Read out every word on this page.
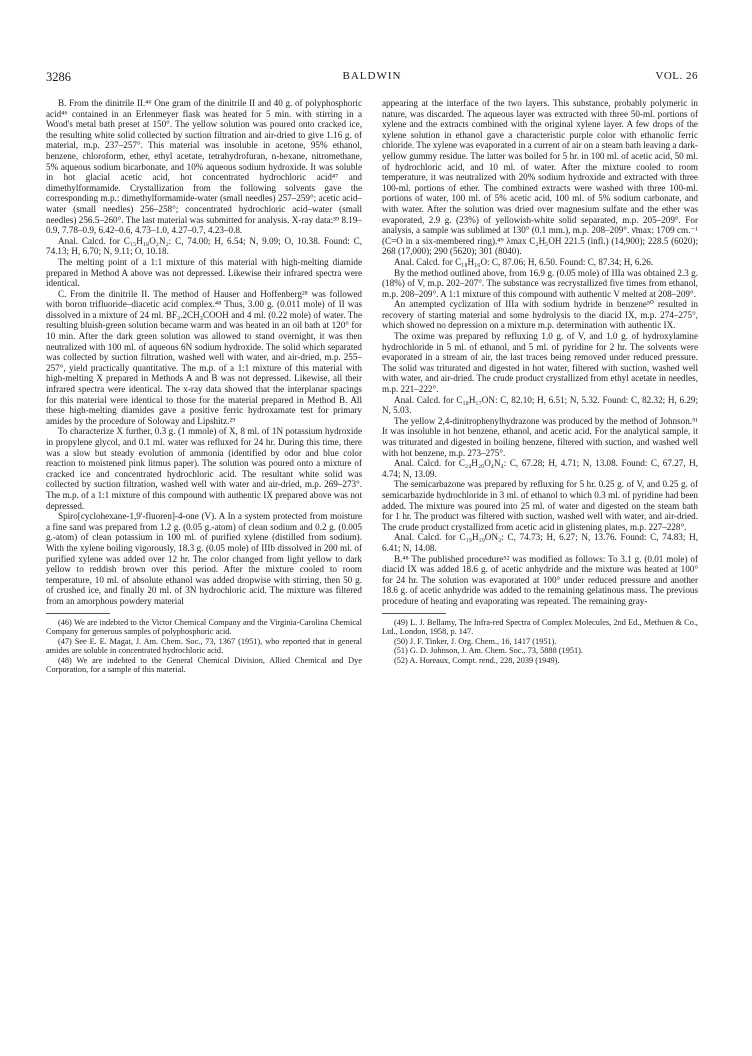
3286	BALDWIN	VOL. 26

B. From the dinitrile II.⁴⁶ One gram of the dinitrile II and 40 g. of polyphosphoric acid⁴⁶ contained in an Erlenmeyer flask was heated for 5 min. with stirring in a Wood's metal bath preset at 150°. The yellow solution was poured onto cracked ice, the resulting white solid collected by suction filtration and air-dried to give 1.16 g. of material, m.p. 237–257°. This material was insoluble in acetone, 95% ethanol, benzene, chloroform, ether, ethyl acetate, tetrahydrofuran, n-hexane, nitromethane, 5% aqueous sodium bicarbonate, and 10% aqueous sodium hydroxide. It was soluble in hot glacial acetic acid, hot concentrated hydrochloric acid⁴⁷ and dimethylformamide. Crystallization from the following solvents gave the corresponding m.p.: dimethylformamide-water (small needles) 257–259°; acetic acid–water (small needles) 256–258°; concentrated hydrochloric acid–water (small needles) 256.5–260°. The last material was submitted for analysis. X-ray data:³⁹ 8.19–0.9, 7.78–0.9, 6.42–0.6, 4.73–1.0, 4.27–0.7, 4.23–0.8.

Anal. Calcd. for C₁₅H₁₈O₂N₂: C, 74.00; H, 6.54; N, 9.09; O, 10.38. Found: C, 74.13; H, 6.70; N, 9.11; O, 10.18.

The melting point of a 1:1 mixture of this material with high-melting diamide prepared in Method A above was not depressed. Likewise their infrared spectra were identical.

C. From the dinitrile II. The method of Hauser and Hoffenberg²⁸ was followed with boron trifluoride–diacetic acid complex.⁴⁸ Thus, 3.00 g. (0.011 mole) of II was dissolved in a mixture of 24 ml. BF₃.2CH₃COOH and 4 ml. (0.22 mole) of water. The resulting bluish-green solution became warm and was heated in an oil bath at 120° for 10 min. After the dark green solution was allowed to stand overnight, it was then neutralized with 100 ml. of aqueous 6N sodium hydroxide. The solid which separated was collected by suction filtration, washed well with water, and air-dried, m.p. 255–257°, yield practically quantitative. The m.p. of a 1:1 mixture of this material with high-melting X prepared in Methods A and B was not depressed. Likewise, all their infrared spectra were identical. The x-ray data showed that the interplanar spacings for this material were identical to those for the material prepared in Method B. All these high-melting diamides gave a positive ferric hydroxamate test for primary amides by the procedure of Soloway and Lipshitz.²⁹

To characterize X further, 0.3 g. (1 mmole) of X, 8 ml. of 1N potassium hydroxide in propylene glycol, and 0.1 ml. water was refluxed for 24 hr. During this time, there was a slow but steady evolution of ammonia (identified by odor and blue color reaction to moistened pink litmus paper). The solution was poured onto a mixture of cracked ice and concentrated hydrochloric acid. The resultant white solid was collected by suction filtration, washed well with water and air-dried, m.p. 269–273°. The m.p. of a 1:1 mixture of this compound with authentic IX prepared above was not depressed.

Spiro[cyclohexane-1,9'-fluoren]-4-one (V). A In a system protected from moisture a fine sand was prepared from 1.2 g. (0.05 g.-atom) of clean sodium and 0.2 g. (0.005 g.-atom) of clean potassium in 100 ml. of purified xylene (distilled from sodium). With the xylene boiling vigorously, 18.3 g. (0.05 mole) of IIIb dissolved in 200 ml. of purified xylene was added over 12 hr. The color changed from light yellow to dark yellow to reddish brown over this period. After the mixture cooled to room temperature, 10 ml. of absolute ethanol was added dropwise with stirring, then 50 g. of crushed ice, and finally 20 ml. of 3N hydrochloric acid. The mixture was filtered from an amorphous powdery material

(46) We are indebted to the Victor Chemical Company and the Virginia-Carolina Chemical Company for generous samples of polyphosphoric acid.

(47) See E. E. Magat, J. Am. Chem. Soc., 73, 1367 (1951), who reported that in general amides are soluble in concentrated hydrochloric acid.

(48) We are indebted to the General Chemical Division, Allied Chemical and Dye Corporation, for a sample of this material.

appearing at the interface of the two layers. This substance, probably polymeric in nature, was discarded. The aqueous layer was extracted with three 50-ml. portions of xylene and the extracts combined with the original xylene layer. A few drops of the xylene solution in ethanol gave a characteristic purple color with ethanolic ferric chloride. The xylene was evaporated in a current of air on a steam bath leaving a dark-yellow gummy residue. The latter was boiled for 5 hr. in 100 ml. of acetic acid, 50 ml. of hydrochloric acid, and 10 ml. of water. After the mixture cooled to room temperature, it was neutralized with 20% sodium hydroxide and extracted with three 100-ml. portions of ether. The combined extracts were washed with three 100-ml. portions of water, 100 ml. of 5% acetic acid, 100 ml. of 5% sodium carbonate, and with water. After the solution was dried over magnesium sulfate and the ether was evaporated, 2.9 g. (23%) of yellowish-white solid separated, m.p. 205–209°. For analysis, a sample was sublimed at 130° (0.1 mm.), m.p. 208–209°. ν̄max: 1709 cm.⁻¹ (C=O in a six-membered ring).⁴⁹ λmax C₂H₅OH 221.5 (infl.) (14,900); 228.5 (6020); 268 (17,000); 290 (5620); 301 (8040).

Anal. Calcd. for C₁₈H₁₆O: C, 87.06; H, 6.50. Found: C, 87.34; H, 6.26.

By the method outlined above, from 16.9 g. (0.05 mole) of IIIa was obtained 2.3 g. (18%) of V, m.p. 202–207°. The substance was recrystallized five times from ethanol, m.p. 208–209°. A 1:1 mixture of this compound with authentic V melted at 208–209°.

An attempted cyclization of IIIa with sodium hydride in benzene⁵⁰ resulted in recovery of starting material and some hydrolysis to the diacid IX, m.p. 274–275°, which showed no depression on a mixture m.p. determination with authentic IX.

The oxime was prepared by refluxing 1.0 g. of V, and 1.0 g. of hydroxylamine hydrochloride in 5 ml. of ethanol, and 5 ml. of pyridine for 2 hr. The solvents were evaporated in a stream of air, the last traces being removed under reduced pressure. The solid was triturated and digested in hot water, filtered with suction, washed well with water, and air-dried. The crude product crystallized from ethyl acetate in needles, m.p. 221–222°.

Anal. Calcd. for C₁₈H₁₇ON: C, 82.10; H, 6.51; N, 5.32. Found: C, 82.32; H, 6.29; N, 5.03.

The yellow 2,4-dinitrophenylhydrazone was produced by the method of Johnson.⁵¹ It was insoluble in hot benzene, ethanol, and acetic acid. For the analytical sample, it was triturated and digested in boiling benzene, filtered with suction, and washed well with hot benzene, m.p. 273–275°.

Anal. Calcd. for C₂₄H₂₀O₄N₄: C, 67.28; H, 4.71; N, 13.08. Found: C, 67.27, H, 4.74; N, 13.09.

The semicarbazone was prepared by refluxing for 5 hr. 0.25 g. of V, and 0.25 g. of semicarbazide hydrochloride in 3 ml. of ethanol to which 0.3 ml. of pyridine had been added. The mixture was poured into 25 ml. of water and digested on the steam bath for 1 hr. The product was filtered with suction, washed well with water, and air-dried. The crude product crystallized from acetic acid in glistening plates, m.p. 227–228°.

Anal. Calcd. for C₁₉H₁₉ON₃: C, 74.73; H, 6.27; N, 13.76. Found: C, 74.83; H, 6.41; N, 14.08.

B.⁴⁸ The published procedure⁵² was modified as follows: To 3.1 g. (0.01 mole) of diacid IX was added 18.6 g. of acetic anhydride and the mixture was heated at 100° for 24 hr. The solution was evaporated at 100° under reduced pressure and another 18.6 g. of acetic anhydride was added to the remaining gelatinous mass. The previous procedure of heating and evaporating was repeated. The remaining gray-

(49) L. J. Bellamy, The Infra-red Spectra of Complex Molecules, 2nd Ed., Methuen & Co., Ltd., London, 1958, p. 147.

(50) J. F. Tinker, J. Org. Chem., 16, 1417 (1951).

(51) G. D. Johnson, J. Am. Chem. Soc., 73, 5888 (1951).

(52) A. Horeaux, Compt. rend., 228, 2039 (1949).
